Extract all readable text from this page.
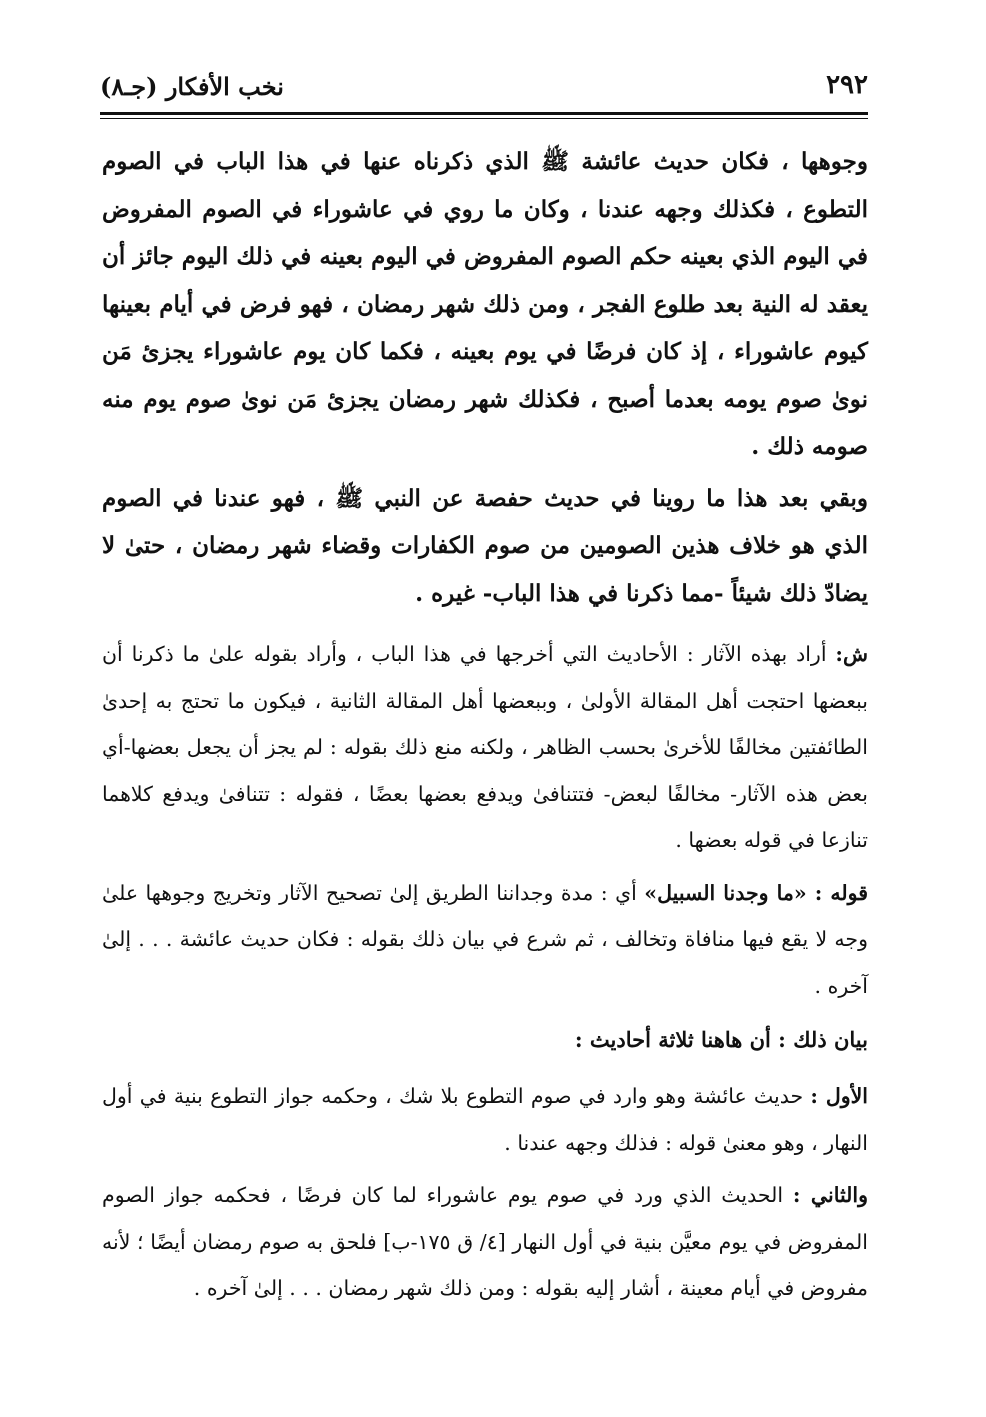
٢٩٢
نخب الأفكار (جـ٨)

وجوهها ، فكان حديث عائشة ﷺ الذي ذكرناه عنها في هذا الباب في الصوم التطوع ، فكذلك وجهه عندنا ، وكان ما روي في عاشوراء في الصوم المفروض في اليوم الذي بعينه حكم الصوم المفروض في اليوم بعينه في ذلك اليوم جائز أن يعقد له النية بعد طلوع الفجر ، ومن ذلك شهر رمضان ، فهو فرض في أيام بعينها كيوم عاشوراء ، إذ كان فرضًا في يوم بعينه ، فكما كان يوم عاشوراء يجزئ مَن نوىٰ صوم يومه بعدما أصبح ، فكذلك شهر رمضان يجزئ مَن نوىٰ صوم يوم منه صومه ذلك .

وبقي بعد هذا ما روينا في حديث حفصة عن النبي ﷺ ، فهو عندنا في الصوم الذي هو خلاف هذين الصومين من صوم الكفارات وقضاء شهر رمضان ، حتىٰ لا يضادّ ذلك شيئاً -مما ذكرنا في هذا الباب- غيره .

ش: أراد بهذه الآثار : الأحاديث التي أخرجها في هذا الباب ، وأراد بقوله علىٰ ما ذكرنا أن ببعضها احتجت أهل المقالة الأولىٰ ، وببعضها أهل المقالة الثانية ، فيكون ما تحتج به إحدىٰ الطائفتين مخالفًا للأخرىٰ بحسب الظاهر ، ولكنه منع ذلك بقوله : لم يجز أن يجعل بعضها-أي بعض هذه الآثار- مخالفًا لبعض- فتتنافىٰ ويدفع بعضها بعضًا ، فقوله : تتنافىٰ ويدفع كلاهما تنازعا في قوله بعضها .

قوله : «ما وجدنا السبيل» أي : مدة وجداننا الطريق إلىٰ تصحيح الآثار وتخريج وجوهها علىٰ وجه لا يقع فيها منافاة وتخالف ، ثم شرع في بيان ذلك بقوله : فكان حديث عائشة . . . إلىٰ آخره .

بيان ذلك : أن هاهنا ثلاثة أحاديث :

الأول : حديث عائشة وهو وارد في صوم التطوع بلا شك ، وحكمه جواز التطوع بنية في أول النهار ، وهو معنىٰ قوله : فذلك وجهه عندنا .

والثاني : الحديث الذي ورد في صوم يوم عاشوراء لما كان فرضًا ، فحكمه جواز الصوم المفروض في يوم معيَّن بنية في أول النهار [٤/ ق ١٧٥-ب] فلحق به صوم رمضان أيضًا ؛ لأنه مفروض في أيام معينة ، أشار إليه بقوله : ومن ذلك شهر رمضان . . . إلىٰ آخره .
